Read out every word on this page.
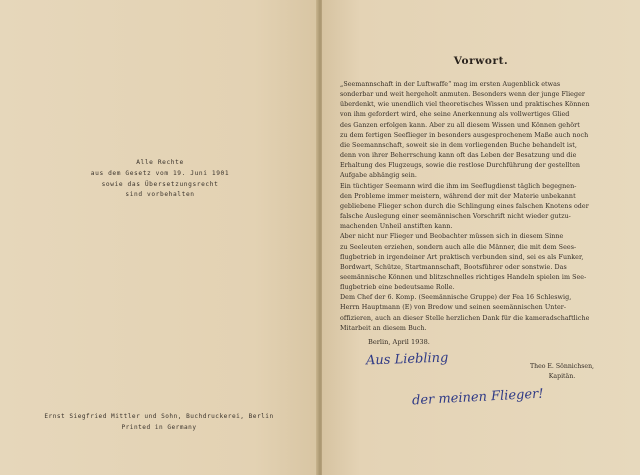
Alle Rechte
aus dem Gesetz vom 19. Juni 1901
sowie das Übersetzungsrecht
sind vorbehalten
Ernst Siegfried Mittler und Sohn, Buchdruckerei, Berlin
Printed in Germany
Vorwort.
„Seemannschaft in der Luftwaffe“ mag im ersten Augenblick etwas
sonderbar und weit hergeholt anmuten. Besonders wenn der junge Flieger
überdenkt, wie unendlich viel theoretisches Wissen und praktisches Können
von ihm gefordert wird, ehe seine Anerkennung als vollwertiges Glied
des Ganzen erfolgen kann. Aber zu all diesem Wissen und Können gehört
zu dem fertigen Seeflieger in besonders ausgesprochenem Maße auch noch
die Seemannschaft, soweit sie in dem vorliegenden Buche behandelt ist,
denn von ihrer Beherrschung kann oft das Leben der Besatzung und die
Erhaltung des Flugzeugs, sowie die restlose Durchführung der gestellten
Aufgabe abhängig sein.
Ein tüchtiger Seemann wird die ihm im Seeflugdienst täglich begegnen-
den Probleme immer meistern, während der mit der Materie unbekannt
gebliebene Flieger schon durch die Schlingung eines falschen Knotens oder
falsche Auslegung einer seemännischen Vorschrift nicht wieder gutzu-
machenden Unheil anstiften kann.
Aber nicht nur Flieger und Beobachter müssen sich in diesem Sinne
zu Seeleuten erziehen, sondern auch alle die Männer, die mit dem Sees-
flugbetrieb in irgendeiner Art praktisch verbunden sind, sei es als Funker,
Bordwart, Schütze, Startmannschaft, Bootsführer oder sonstwie. Das
seemännische Können und blitzschnelles richtiges Handeln spielen im See-
flugbetrieb eine bedeutsame Rolle.
Dem Chef der 6. Komp. (Seemännische Gruppe) der Fea 16 Schleswig,
Herrn Hauptmann (E) von Bredow und seinen seemännischen Unter-
offizieren, auch an dieser Stelle herzlichen Dank für die kameradschaftliche
Mitarbeit an diesem Buch.
Berlin, April 1938.
Theo E. Sönnichsen,
Kapitän.
Aus Liebling
der meinen Flieger!
